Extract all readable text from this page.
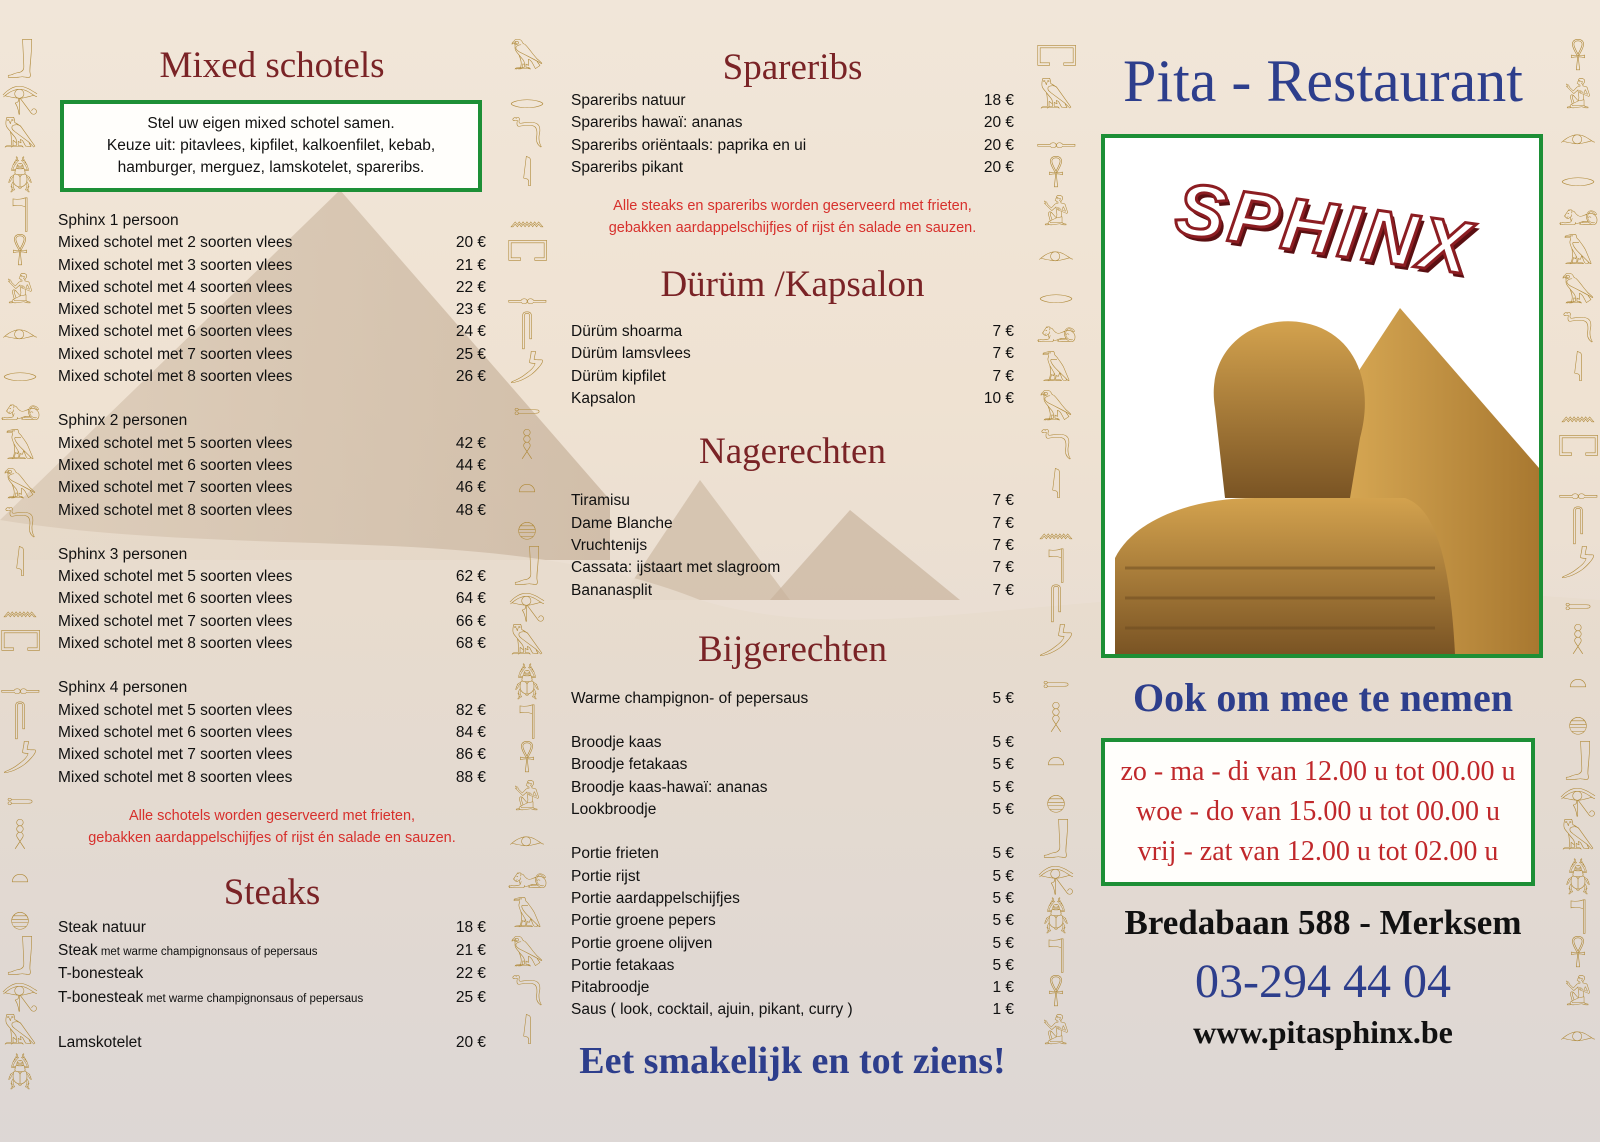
𓃀
𓂀
𓅓
𓆣
𓊹
𓋹
𓀀
𓁹
𓂋
𓃭
𓄿
𓅃
𓆓
𓇋
𓈖
𓉐
𓊃
𓋴
𓌳
𓍿
𓎛
𓏏
𓐍
𓃀
𓂀
𓅓
𓆣
𓅃
𓂋
𓆓
𓇋
𓈖
𓉐
𓊃
𓋴
𓌳
𓍿
𓎛
𓏏
𓐍
𓃀
𓂀
𓅓
𓆣
𓊹
𓋹
𓀀
𓁹
𓃭
𓄿
𓅃
𓆓
𓇋
𓉐
𓅓
𓊃
𓋹
𓀀
𓁹
𓂋
𓃭
𓄿
𓅃
𓆓
𓇋
𓈖
𓊹
𓋴
𓌳
𓍿
𓎛
𓏏
𓐍
𓃀
𓂀
𓆣
𓊹
𓋹
𓀀
𓋹
𓀀
𓁹
𓂋
𓃭
𓄿
𓅃
𓆓
𓇋
𓈖
𓉐
𓊃
𓋴
𓌳
𓍿
𓎛
𓏏
𓐍
𓃀
𓂀
𓅓
𓆣
𓊹
𓋹
𓀀
𓁹
Mixed schotels
Stel uw eigen mixed schotel samen.
Keuze uit: pitavlees, kipfilet, kalkoenfilet, kebab,
hamburger, merguez, lamskotelet, spareribs.
Sphinx 1 persoon
Mixed schotel met 2 soorten vlees	20 €
Mixed schotel met 3 soorten vlees	21 €
Mixed schotel met 4 soorten vlees	22 €
Mixed schotel met 5 soorten vlees	23 €
Mixed schotel met 6 soorten vlees	24 €
Mixed schotel met 7 soorten vlees	25 €
Mixed schotel met 8 soorten vlees	26 €
Sphinx 2 personen
Mixed schotel met 5 soorten vlees	42 €
Mixed schotel met 6 soorten vlees	44 €
Mixed schotel met 7 soorten vlees	46 €
Mixed schotel met 8 soorten vlees	48 €
Sphinx 3 personen
Mixed schotel met 5 soorten vlees	62 €
Mixed schotel met 6 soorten vlees	64 €
Mixed schotel met 7 soorten vlees	66 €
Mixed schotel met 8 soorten vlees	68 €
Sphinx 4 personen
Mixed schotel met 5 soorten vlees	82 €
Mixed schotel met 6 soorten vlees	84 €
Mixed schotel met 7 soorten vlees	86 €
Mixed schotel met 8 soorten vlees	88 €
Alle schotels worden geserveerd met frieten,
gebakken aardappelschijfjes of rijst én salade en sauzen.
Steaks
Steak natuur	18 €
Steak met warme champignonsaus of pepersaus	21 €
T-bonesteak	22 €
T-bonesteak met warme champignonsaus of pepersaus	25 €
Lamskotelet	20 €
Spareribs
Spareribs natuur	18 €
Spareribs hawaï: ananas	20 €
Spareribs oriëntaals: paprika en ui	20 €
Spareribs pikant	20 €
Alle steaks en spareribs worden geserveerd met frieten,
gebakken aardappelschijfjes of rijst én salade en sauzen.
Dürüm /Kapsalon
Dürüm shoarma	7 €
Dürüm lamsvlees	7 €
Dürüm kipfilet	7 €
Kapsalon	10 €
Nagerechten
Tiramisu	7 €
Dame Blanche	7 €
Vruchtenijs	7 €
Cassata: ijstaart met slagroom	7 €
Bananasplit	7 €
Bijgerechten
Warme champignon- of pepersaus	5 €
Broodje kaas	5 €
Broodje fetakaas	5 €
Broodje kaas-hawaï: ananas	5 €
Lookbroodje	5 €
Portie frieten	5 €
Portie rijst	5 €
Portie aardappelschijfjes	5 €
Portie groene pepers	5 €
Portie groene olijven	5 €
Portie fetakaas	5 €
Pitabroodje	1 €
Saus ( look, cocktail, ajuin, pikant, curry )	1 €
Eet smakelijk en tot ziens!
Pita - Restaurant
SPHINX
Ook om mee te nemen
zo - ma - di van 12.00 u tot 00.00 u
woe - do van 15.00 u tot 00.00 u
vrij - zat van 12.00 u tot 02.00 u
Bredabaan 588 - Merksem
03-294 44 04
www.pitasphinx.be
